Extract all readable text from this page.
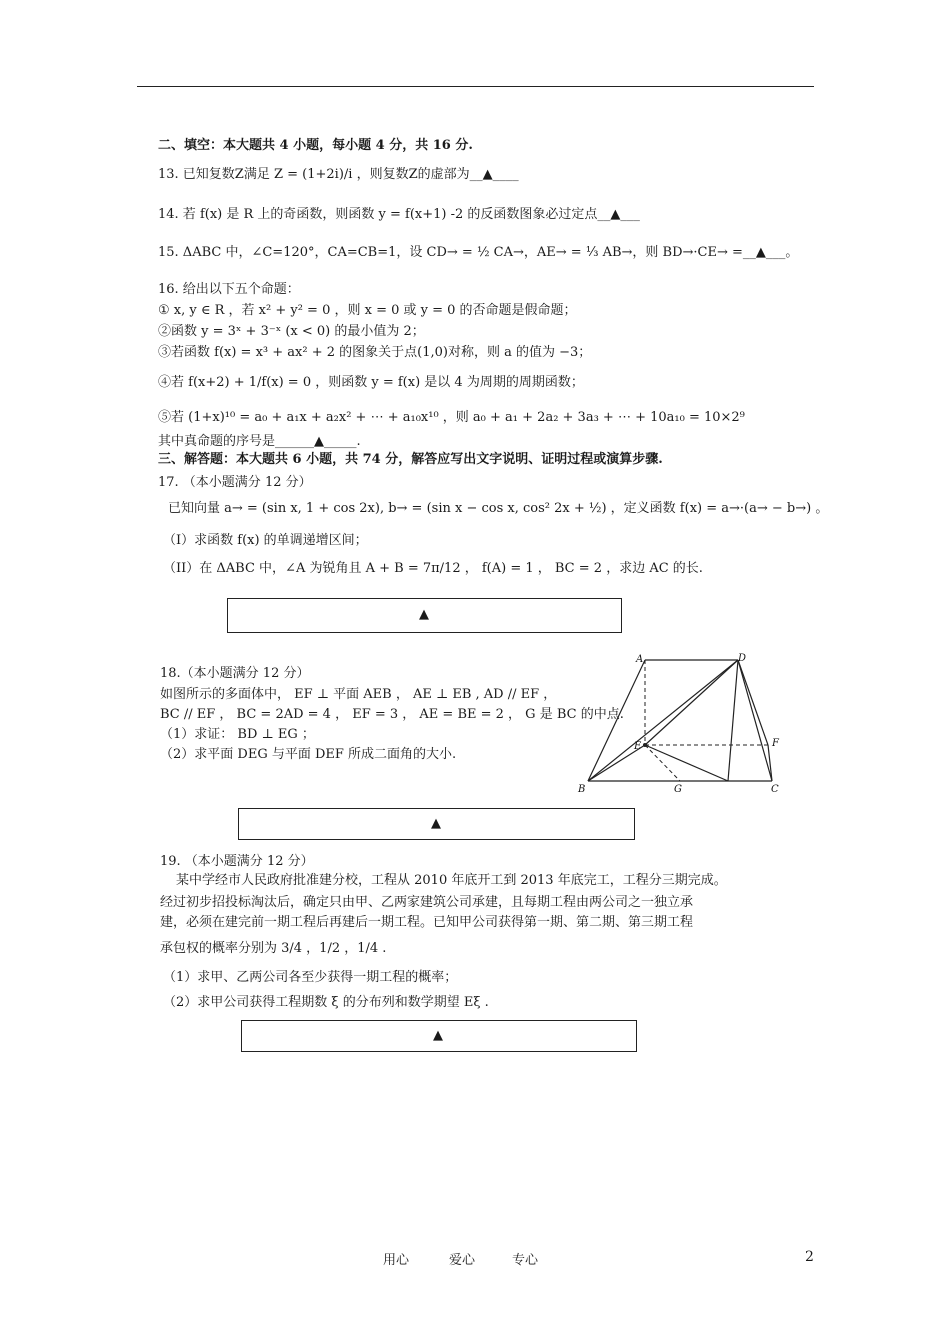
二、填空：本大题共 4 小题，每小题 4 分，共 16 分.
13. 已知复数Z满足 Z = (1+2i)/i ，则复数Z的虚部为__▲____
14. 若 f(x) 是 R 上的奇函数，则函数 y = f(x+1) -2 的反函数图象必过定点__▲___
15. ΔABC 中，∠C=120°，CA=CB=1，设 CD→ = ½ CA→，AE→ = ⅓ AB→，则 BD→·CE→ =__▲___。
16. 给出以下五个命题：
① x, y ∈ R ，若 x² + y² = 0 ，则 x = 0 或 y = 0 的否命题是假命题；
②函数 y = 3ˣ + 3⁻ˣ (x < 0) 的最小值为 2；
③若函数 f(x) = x³ + ax² + 2 的图象关于点(1,0)对称，则 a 的值为 −3；
④若 f(x+2) + 1/f(x) = 0 ，则函数 y = f(x) 是以 4 为周期的周期函数；
⑤若 (1+x)¹⁰ = a₀ + a₁x + a₂x² + ⋯ + a₁₀x¹⁰ ，则 a₀ + a₁ + 2a₂ + 3a₃ + ⋯ + 10a₁₀ = 10×2⁹
其中真命题的序号是______▲_____.
三、解答题：本大题共 6 小题，共 74 分，解答应写出文字说明、证明过程或演算步骤.
17. （本小题满分 12 分）
已知向量 a→ = (sin x, 1 + cos 2x), b→ = (sin x − cos x, cos² 2x + ½) ，定义函数 f(x) = a→·(a→ − b→) 。
（I）求函数 f(x) 的单调递增区间；
（II）在 ΔABC 中，∠A 为锐角且 A + B = 7π/12 ， f(A) = 1 ， BC = 2 ，求边 AC 的长.
▲
18.（本小题满分 12 分）
如图所示的多面体中， EF ⊥ 平面 AEB ， AE ⊥ EB , AD // EF ，
BC // EF ， BC = 2AD = 4 ， EF = 3 ， AE = BE = 2 ， G 是 BC 的中点.
（1）求证： BD ⊥ EG ；
（2）求平面 DEG 与平面 DEF 所成二面角的大小.
A	D
E	F
B	G	C
▲
19. （本小题满分 12 分）
某中学经市人民政府批准建分校，工程从 2010 年底开工到 2013 年底完工，工程分三期完成。
经过初步招投标淘汰后，确定只由甲、乙两家建筑公司承建，且每期工程由两公司之一独立承
建，必须在建完前一期工程后再建后一期工程。已知甲公司获得第一期、第二期、第三期工程
承包权的概率分别为 3/4 ，1/2 ，1/4 .
（1）求甲、乙两公司各至少获得一期工程的概率；
（2）求甲公司获得工程期数 ξ 的分布列和数学期望 Eξ .
▲
用心	爱心	专心	2
